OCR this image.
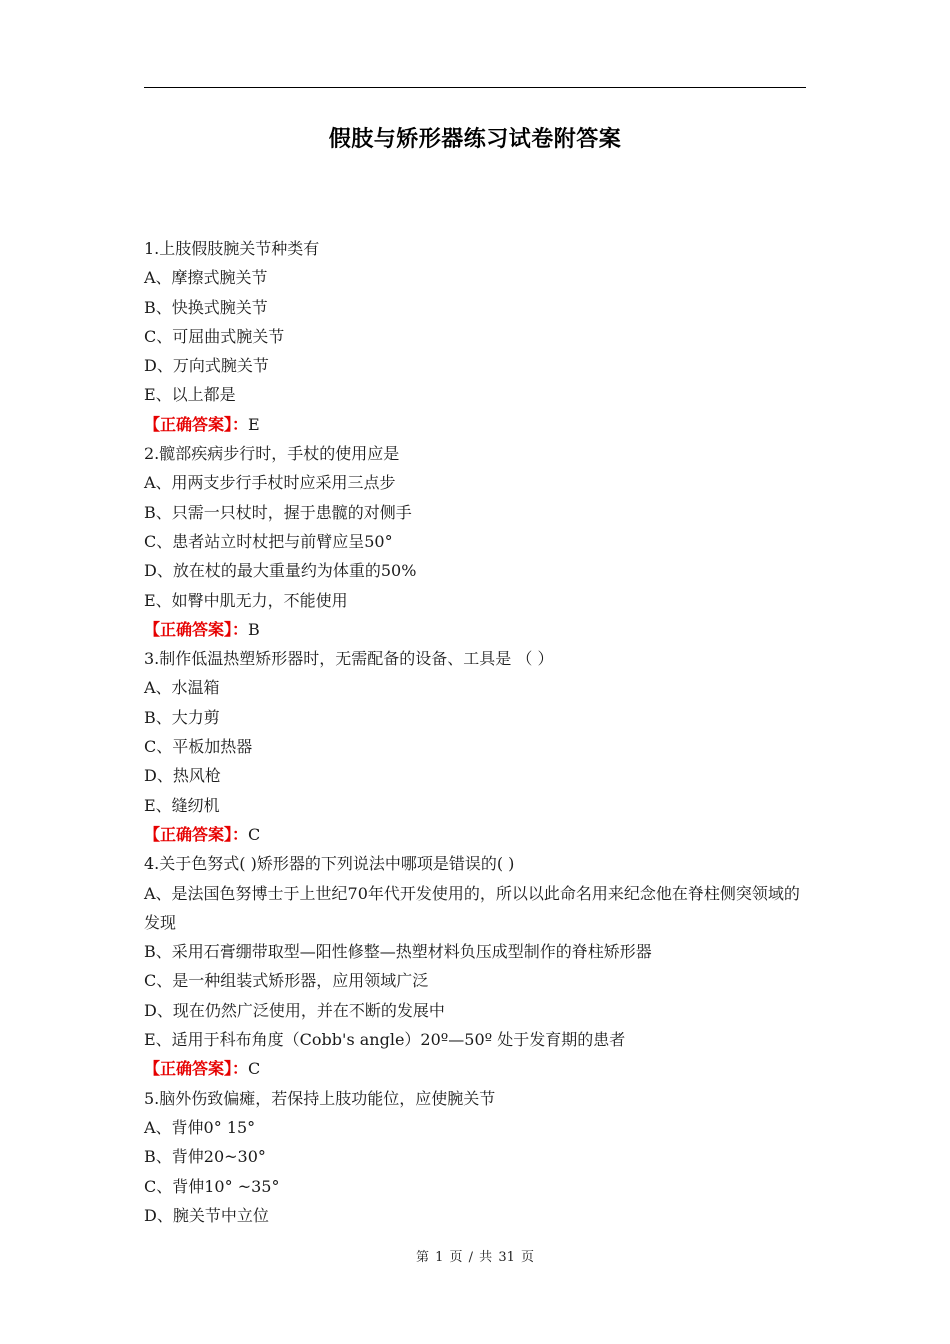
假肢与矫形器练习试卷附答案

1.上肢假肢腕关节种类有

A、摩擦式腕关节

B、快换式腕关节

C、可屈曲式腕关节

D、万向式腕关节

E、以上都是

【正确答案】：E

2.髋部疾病步行时，手杖的使用应是

A、用两支步行手杖时应采用三点步

B、只需一只杖时，握于患髋的对侧手

C、患者站立时杖把与前臂应呈50°

D、放在杖的最大重量约为体重的50%

E、如臀中肌无力，不能使用

【正确答案】：B

3.制作低温热塑矫形器时，无需配备的设备、工具是 （ ）

A、水温箱

B、大力剪

C、平板加热器

D、热风枪

E、缝纫机

【正确答案】：C

4.关于色努式( )矫形器的下列说法中哪项是错误的( )

A、是法国色努博士于上世纪70年代开发使用的，所以以此命名用来纪念他在脊柱侧突领域的发现

B、采用石膏绷带取型—阳性修整—热塑材料负压成型制作的脊柱矫形器

C、是一种组装式矫形器，应用领域广泛

D、现在仍然广泛使用，并在不断的发展中

E、适用于科布角度（Cobb's angle）20º—50º 处于发育期的患者

【正确答案】：C

5.脑外伤致偏瘫，若保持上肢功能位，应使腕关节

A、背伸0° 15°

B、背伸20~30°

C、背伸10° ~35°

D、腕关节中立位

第 1 页 / 共 31 页
